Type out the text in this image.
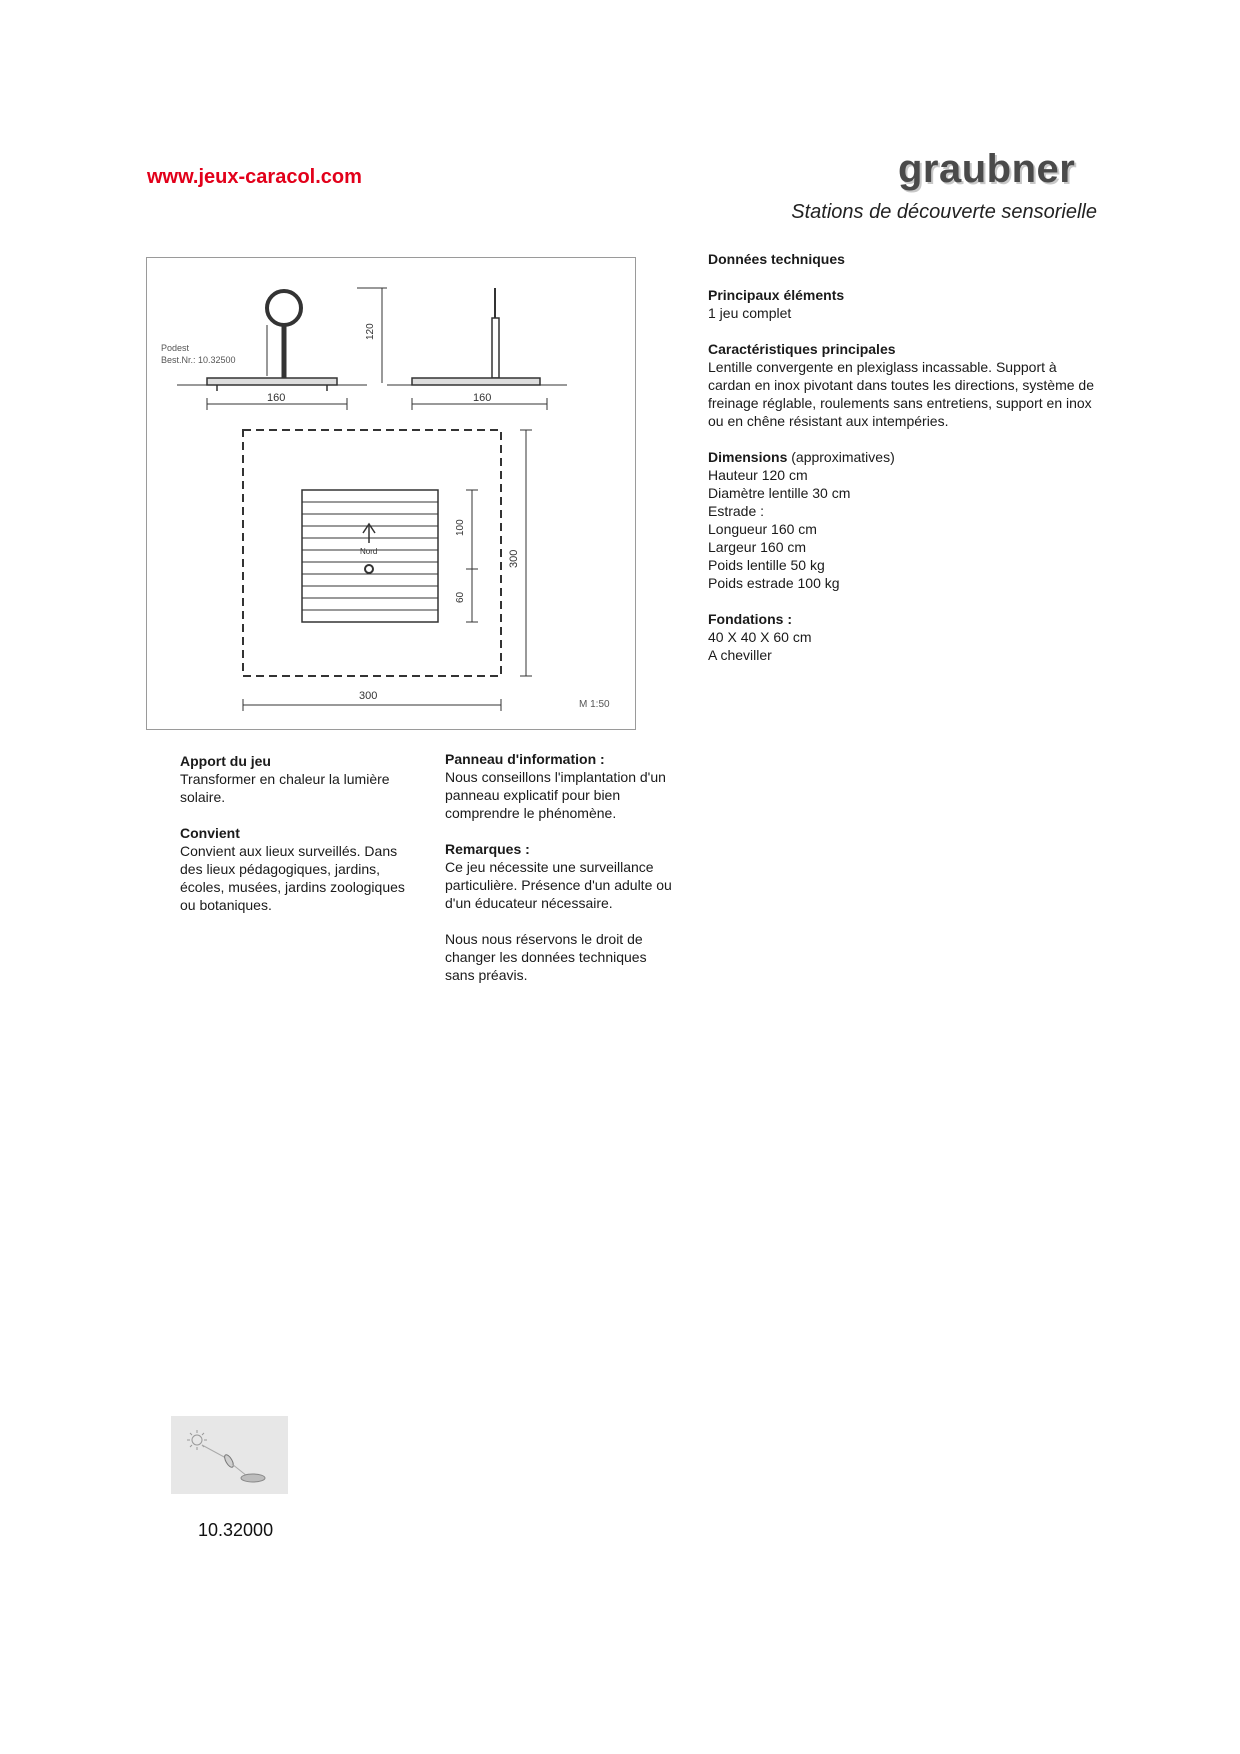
www.jeux-caracol.com	graubner
Stations de découverte sensorielle
Podest
Best.Nr.: 10.32500
120
160	160
Nord
100
60
300
300
M 1:50

Données techniques

Principaux éléments
1 jeu complet

Caractéristiques principales
Lentille convergente en plexiglass incassable. Support à cardan en inox pivotant dans toutes les directions, système de freinage réglable, roulements sans entretiens, support en inox ou en chêne résistant aux intempéries.

Dimensions (approximatives)
Hauteur 120 cm
Diamètre lentille 30 cm
Estrade :
Longueur 160 cm
Largeur 160 cm
Poids lentille 50 kg
Poids estrade 100 kg

Fondations :
40 X 40 X 60 cm
A cheviller

Apport du jeu
Transformer en chaleur la lumière solaire.

Convient
Convient aux lieux surveillés. Dans des lieux pédagogiques, jardins, écoles, musées, jardins zoologiques ou botaniques.

Panneau d'information :
Nous conseillons l'implantation d'un panneau explicatif pour bien comprendre le phénomène.

Remarques :
Ce jeu nécessite une surveillance particulière. Présence d'un adulte ou d'un éducateur nécessaire.

Nous nous réservons le droit de changer les données techniques sans préavis.

10.32000
